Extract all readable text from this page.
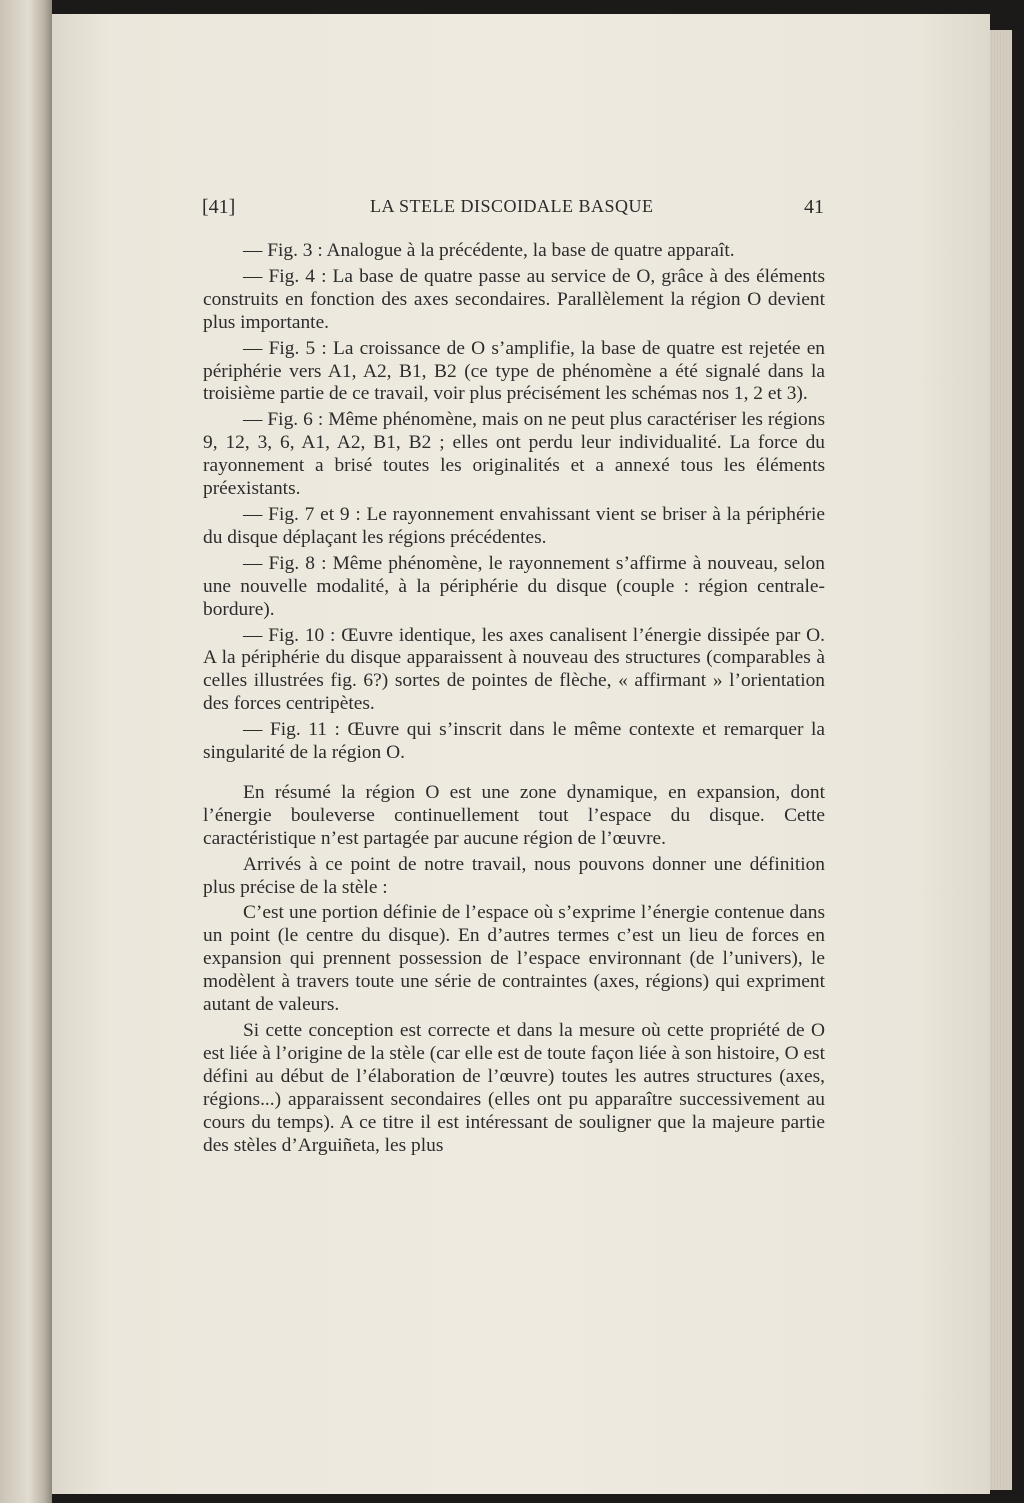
[41]	LA STELE DISCOIDALE BASQUE	41

— Fig. 3 : Analogue à la précédente, la base de quatre apparaît.

— Fig. 4 : La base de quatre passe au service de O, grâce à des éléments construits en fonction des axes secondaires. Parallèlement la région O devient plus importante.

— Fig. 5 : La croissance de O s’amplifie, la base de quatre est rejetée en périphérie vers A1, A2, B1, B2 (ce type de phénomène a été signalé dans la troisième partie de ce travail, voir plus précisément les schémas nos 1, 2 et 3).

— Fig. 6 : Même phénomène, mais on ne peut plus caractériser les régions 9, 12, 3, 6, A1, A2, B1, B2 ; elles ont perdu leur individualité. La force du rayonnement a brisé toutes les originalités et a annexé tous les éléments préexistants.

— Fig. 7 et 9 : Le rayonnement envahissant vient se briser à la périphérie du disque déplaçant les régions précédentes.

— Fig. 8 : Même phénomène, le rayonnement s’affirme à nouveau, selon une nouvelle modalité, à la périphérie du disque (couple : région centrale-bordure).

— Fig. 10 : Œuvre identique, les axes canalisent l’énergie dissipée par O. A la périphérie du disque apparaissent à nouveau des structures (comparables à celles illustrées fig. 6?) sortes de pointes de flèche, « affirmant » l’orientation des forces centripètes.

— Fig. 11 : Œuvre qui s’inscrit dans le même contexte et remarquer la singularité de la région O.

En résumé la région O est une zone dynamique, en expansion, dont l’énergie bouleverse continuellement tout l’espace du disque. Cette caractéristique n’est partagée par aucune région de l’œuvre.

Arrivés à ce point de notre travail, nous pouvons donner une définition plus précise de la stèle :

C’est une portion définie de l’espace où s’exprime l’énergie contenue dans un point (le centre du disque). En d’autres termes c’est un lieu de forces en expansion qui prennent possession de l’espace environnant (de l’univers), le modèlent à travers toute une série de contraintes (axes, régions) qui expriment autant de valeurs.

Si cette conception est correcte et dans la mesure où cette propriété de O est liée à l’origine de la stèle (car elle est de toute façon liée à son histoire, O est défini au début de l’élaboration de l’œuvre) toutes les autres structures (axes, régions...) apparaissent secondaires (elles ont pu apparaître successivement au cours du temps). A ce titre il est intéressant de souligner que la majeure partie des stèles d’Arguiñeta, les plus
